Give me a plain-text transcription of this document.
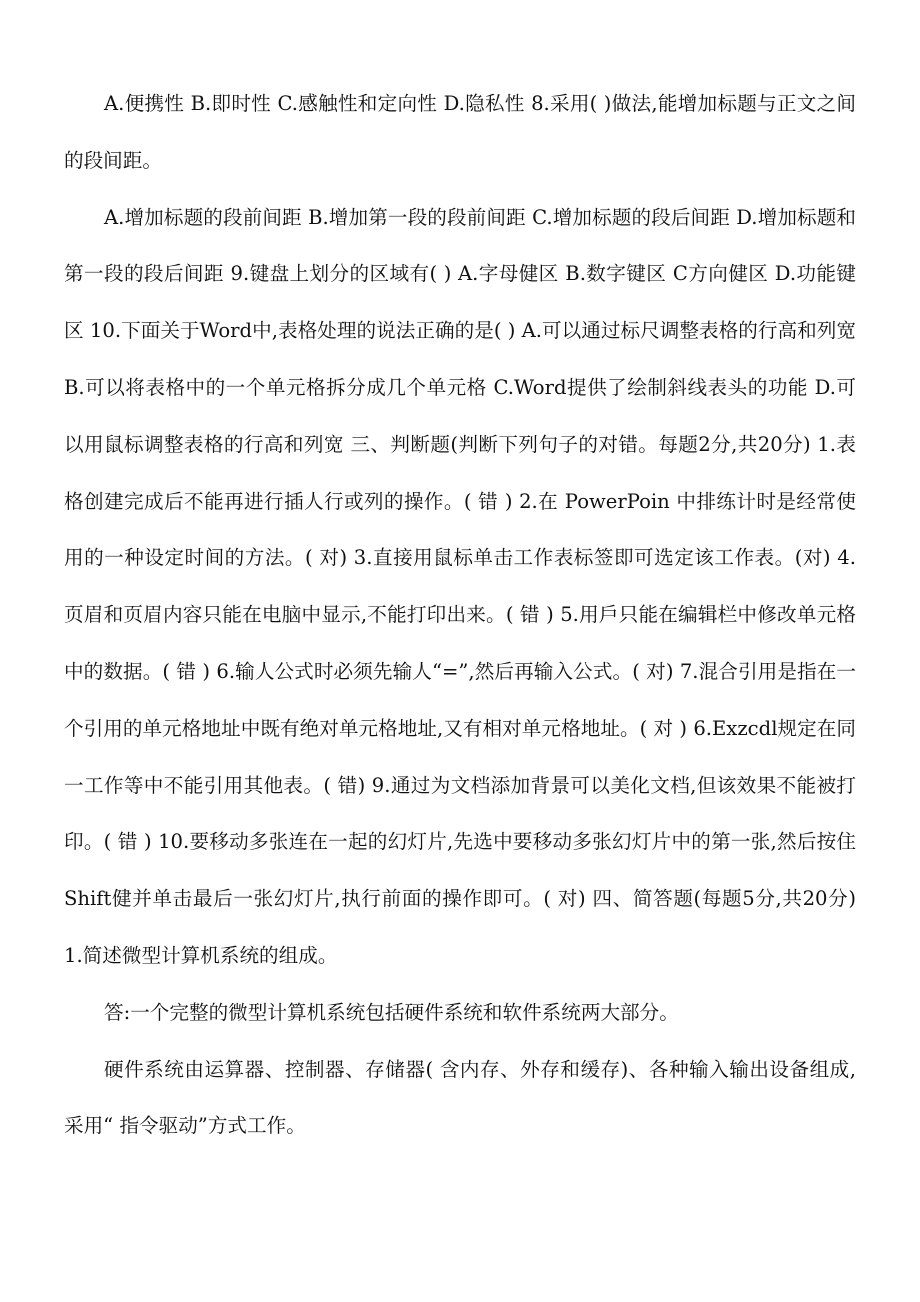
A.便携性 B.即时性 C.感触性和定向性 D.隐私性 8.采用( )做法,能增加标题与正文之间的段间距。

A.增加标题的段前间距 B.增加第一段的段前间距 C.增加标题的段后间距 D.增加标题和第一段的段后间距 9.键盘上划分的区域有( ) A.字母健区 B.数字键区 C方向健区 D.功能键区 10.下面关于Word中,表格处理的说法正确的是( ) A.可以通过标尺调整表格的行高和列宽 B.可以将表格中的一个单元格拆分成几个单元格 C.Word提供了绘制斜线表头的功能 D.可以用鼠标调整表格的行高和列宽 三、判断题(判断下列句子的对错。每题2分,共20分) 1.表格创建完成后不能再进行插人行或列的操作。( 错 ) 2.在 PowerPoin 中排练计时是经常使用的一种设定时间的方法。( 对) 3.直接用鼠标单击工作表标签即可选定该工作表。(对) 4.页眉和页眉内容只能在电脑中显示,不能打印出来。( 错 ) 5.用戶只能在编辑栏中修改单元格中的数据。( 错 ) 6.输人公式时必须先输人“=”,然后再输入公式。( 对) 7.混合引用是指在一个引用的单元格地址中既有绝对单元格地址,又有相对单元格地址。( 对 ) 6.Exzcdl规定在同一工作等中不能引用其他表。( 错) 9.通过为文档添加背景可以美化文档,但该效果不能被打印。( 错 ) 10.要移动多张连在一起的幻灯片,先选中要移动多张幻灯片中的第一张,然后按住Shift健并单击最后一张幻灯片,执行前面的操作即可。( 对) 四、简答题(每题5分,共20分) 1.简述微型计算机系统的组成。

答:一个完整的微型计算机系统包括硬件系统和软件系统两大部分。

硬件系统由运算器、控制器、存储器( 含内存、外存和缓存)、各种输入输出设备组成,采用“ 指令驱动”方式工作。
